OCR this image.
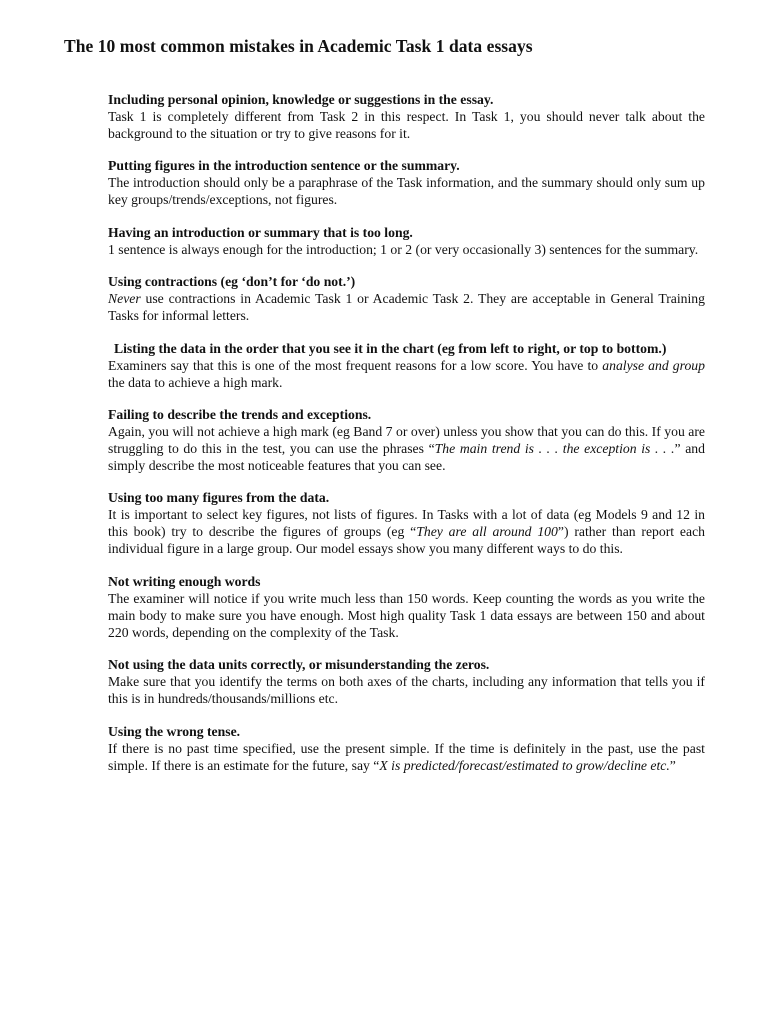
The 10 most common mistakes in Academic Task 1 data essays

Including personal opinion, knowledge or suggestions in the essay.

Task 1 is completely different from Task 2 in this respect. In Task 1, you should never talk about the background to the situation or try to give reasons for it.

Putting figures in the introduction sentence or the summary.

The introduction should only be a paraphrase of the Task information, and the summary should only sum up key groups/trends/exceptions, not figures.

Having an introduction or summary that is too long.

1 sentence is always enough for the introduction; 1 or 2 (or very occasionally 3) sentences for the summary.

Using contractions (eg ‘don’t for ‘do not.’)

Never use contractions in Academic Task 1 or Academic Task 2. They are acceptable in General Training Tasks for informal letters.

Listing the data in the order that you see it in the chart (eg from left to right, or top to bottom.)

Examiners say that this is one of the most frequent reasons for a low score. You have to analyse and group the data to achieve a high mark.

Failing to describe the trends and exceptions.

Again, you will not achieve a high mark (eg Band 7 or over) unless you show that you can do this. If you are struggling to do this in the test, you can use the phrases “The main trend is . . . the exception is . . .” and simply describe the most noticeable features that you can see.

Using too many figures from the data.

It is important to select key figures, not lists of figures. In Tasks with a lot of data (eg Models 9 and 12 in this book) try to describe the figures of groups (eg “They are all around 100”) rather than report each individual figure in a large group. Our model essays show you many different ways to do this.

Not writing enough words

The examiner will notice if you write much less than 150 words. Keep counting the words as you write the main body to make sure you have enough. Most high quality Task 1 data essays are between 150 and about 220 words, depending on the complexity of the Task.

Not using the data units correctly, or misunderstanding the zeros.

Make sure that you identify the terms on both axes of the charts, including any information that tells you if this is in hundreds/thousands/millions etc.

Using the wrong tense.

If there is no past time specified, use the present simple. If the time is definitely in the past, use the past simple. If there is an estimate for the future, say “X is predicted/forecast/estimated to grow/decline etc.”
